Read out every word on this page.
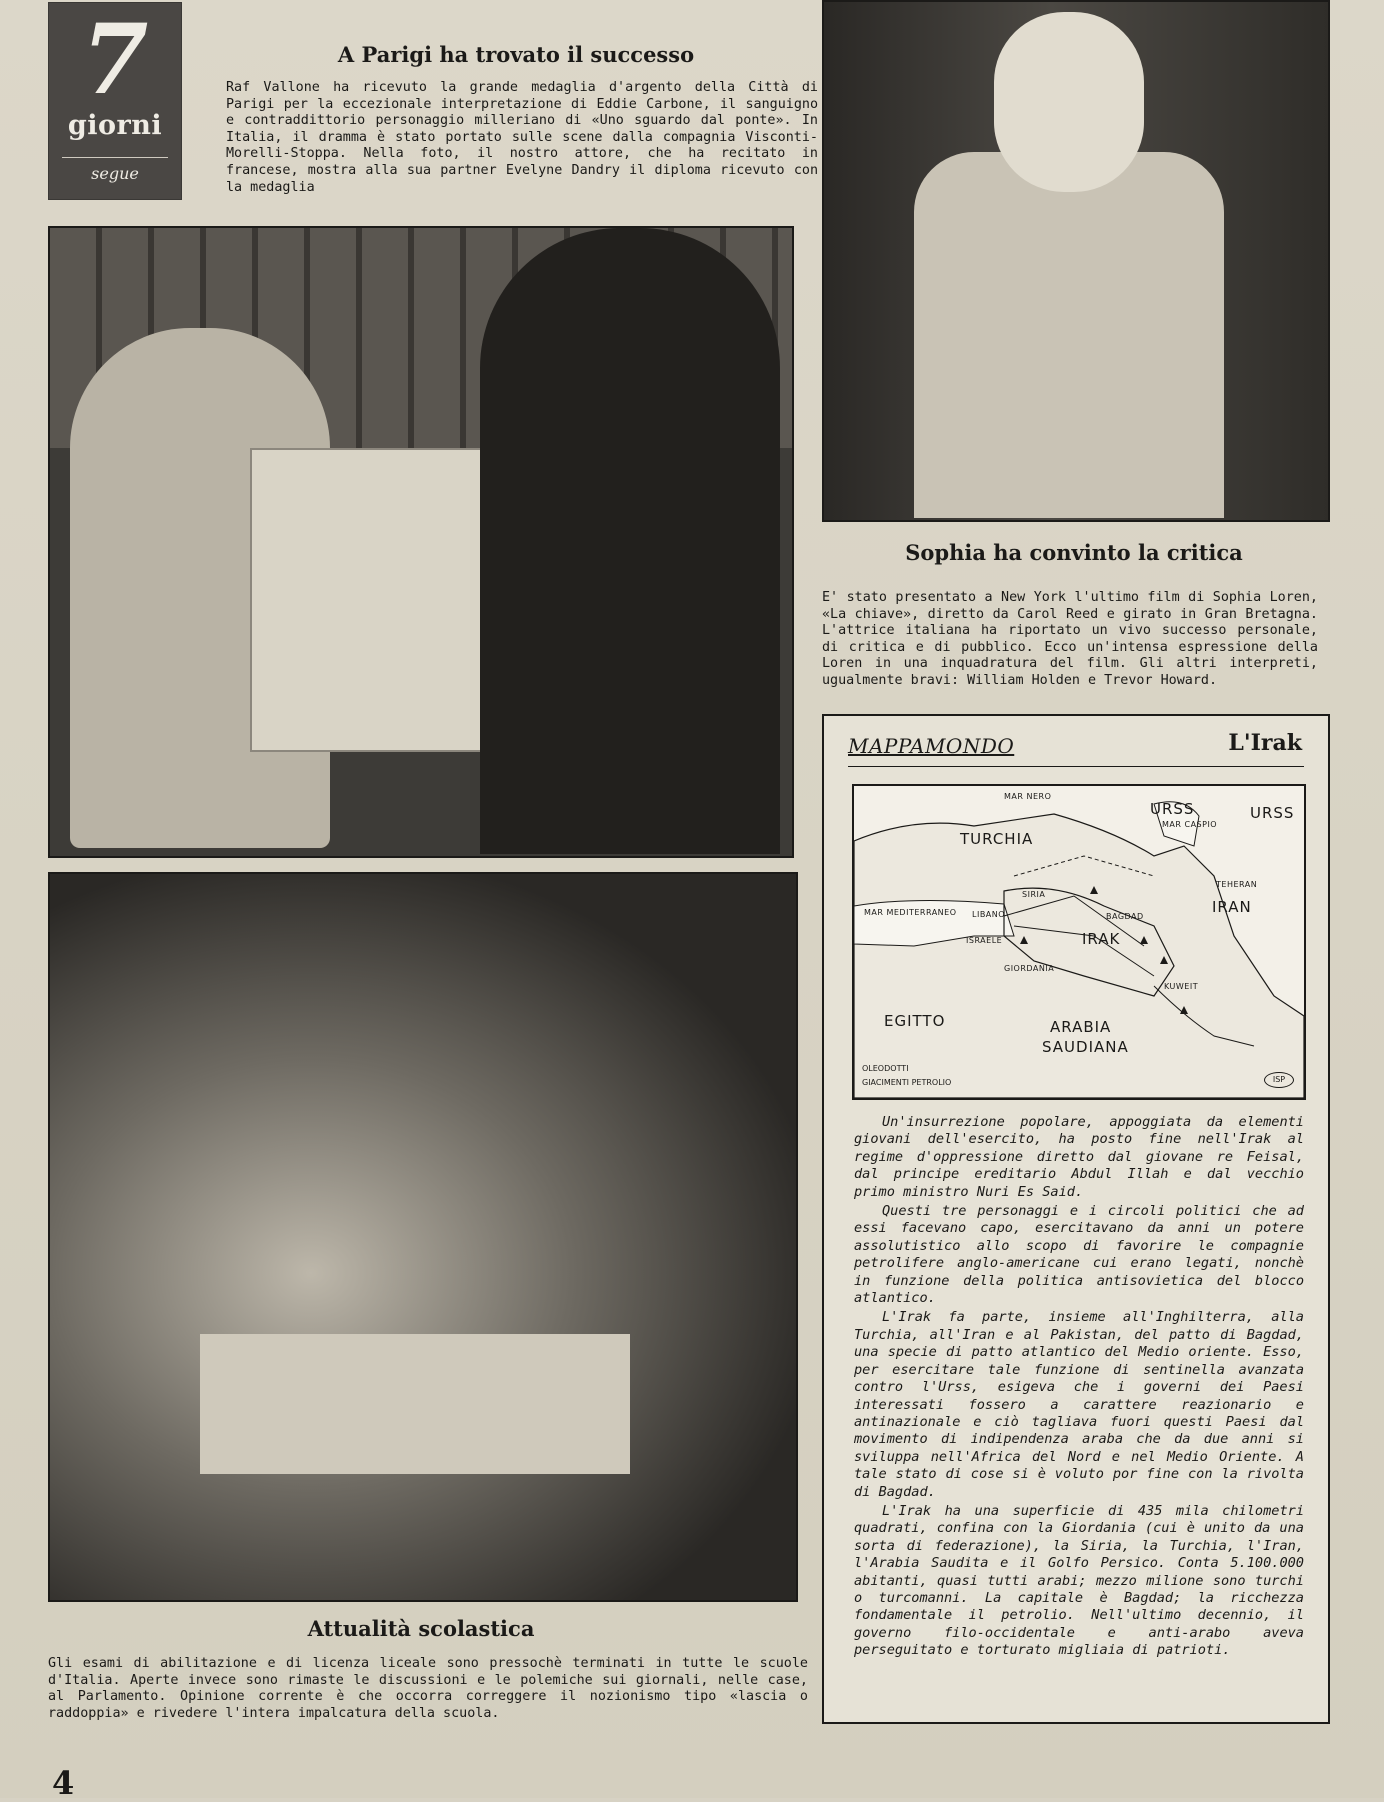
7
giorni
segue
A Parigi ha trovato il successo
Raf Vallone ha ricevuto la grande medaglia d'argento della Città di Parigi per la eccezionale interpretazione di Eddie Carbone, il sanguigno e contraddittorio personaggio milleriano di «Uno sguardo dal ponte». In Italia, il dramma è stato portato sulle scene dalla compagnia Visconti-Morelli-Stoppa. Nella foto, il nostro attore, che ha recitato in francese, mostra alla sua partner Evelyne Dandry il diploma ricevuto con la medaglia
Sophia ha convinto la critica
E' stato presentato a New York l'ultimo film di Sophia Loren, «La chiave», diretto da Carol Reed e girato in Gran Bretagna. L'attrice italiana ha riportato un vivo successo personale, di critica e di pubblico. Ecco un'intensa espressione della Loren in una inquadratura del film. Gli altri interpreti, ugualmente bravi: William Holden e Trevor Howard.
Attualità scolastica
Gli esami di abilitazione e di licenza liceale sono pressochè terminati in tutte le scuole d'Italia. Aperte invece sono rimaste le discussioni e le polemiche sui giornali, nelle case, al Parlamento. Opinione corrente è che occorra correggere il nozionismo tipo «lascia o raddoppia» e rivedere l'intera impalcatura della scuola.
MAPPAMONDO	L'Irak
TURCHIA
URSS	URSS
IRAN
IRAK
SIRIA
LIBANO
ISRAELE
GIORDANIA
EGITTO	ARABIA
SAUDIANA
MAR NERO
MAR CASPIO
MAR MEDITERRANEO
KUWEIT
TEHERAN
BAGDAD
OLEODOTTI
GIACIMENTI PETROLIO	ISP

Un'insurrezione popolare, appoggiata da elementi giovani dell'esercito, ha posto fine nell'Irak al regime d'oppressione diretto dal giovane re Feisal, dal principe ereditario Abdul Illah e dal vecchio primo ministro Nuri Es Said.

Questi tre personaggi e i circoli politici che ad essi facevano capo, esercitavano da anni un potere assolutistico allo scopo di favorire le compagnie petrolifere anglo-americane cui erano legati, nonchè in funzione della politica antisovietica del blocco atlantico.

L'Irak fa parte, insieme all'Inghilterra, alla Turchia, all'Iran e al Pakistan, del patto di Bagdad, una specie di patto atlantico del Medio oriente. Esso, per esercitare tale funzione di sentinella avanzata contro l'Urss, esigeva che i governi dei Paesi interessati fossero a carattere reazionario e antinazionale e ciò tagliava fuori questi Paesi dal movimento di indipendenza araba che da due anni si sviluppa nell'Africa del Nord e nel Medio Oriente. A tale stato di cose si è voluto por fine con la rivolta di Bagdad.

L'Irak ha una superficie di 435 mila chilometri quadrati, confina con la Giordania (cui è unito da una sorta di federazione), la Siria, la Turchia, l'Iran, l'Arabia Saudita e il Golfo Persico. Conta 5.100.000 abitanti, quasi tutti arabi; mezzo milione sono turchi o turcomanni. La capitale è Bagdad; la ricchezza fondamentale il petrolio. Nell'ultimo decennio, il governo filo-occidentale e anti-arabo aveva perseguitato e torturato migliaia di patrioti.

4
